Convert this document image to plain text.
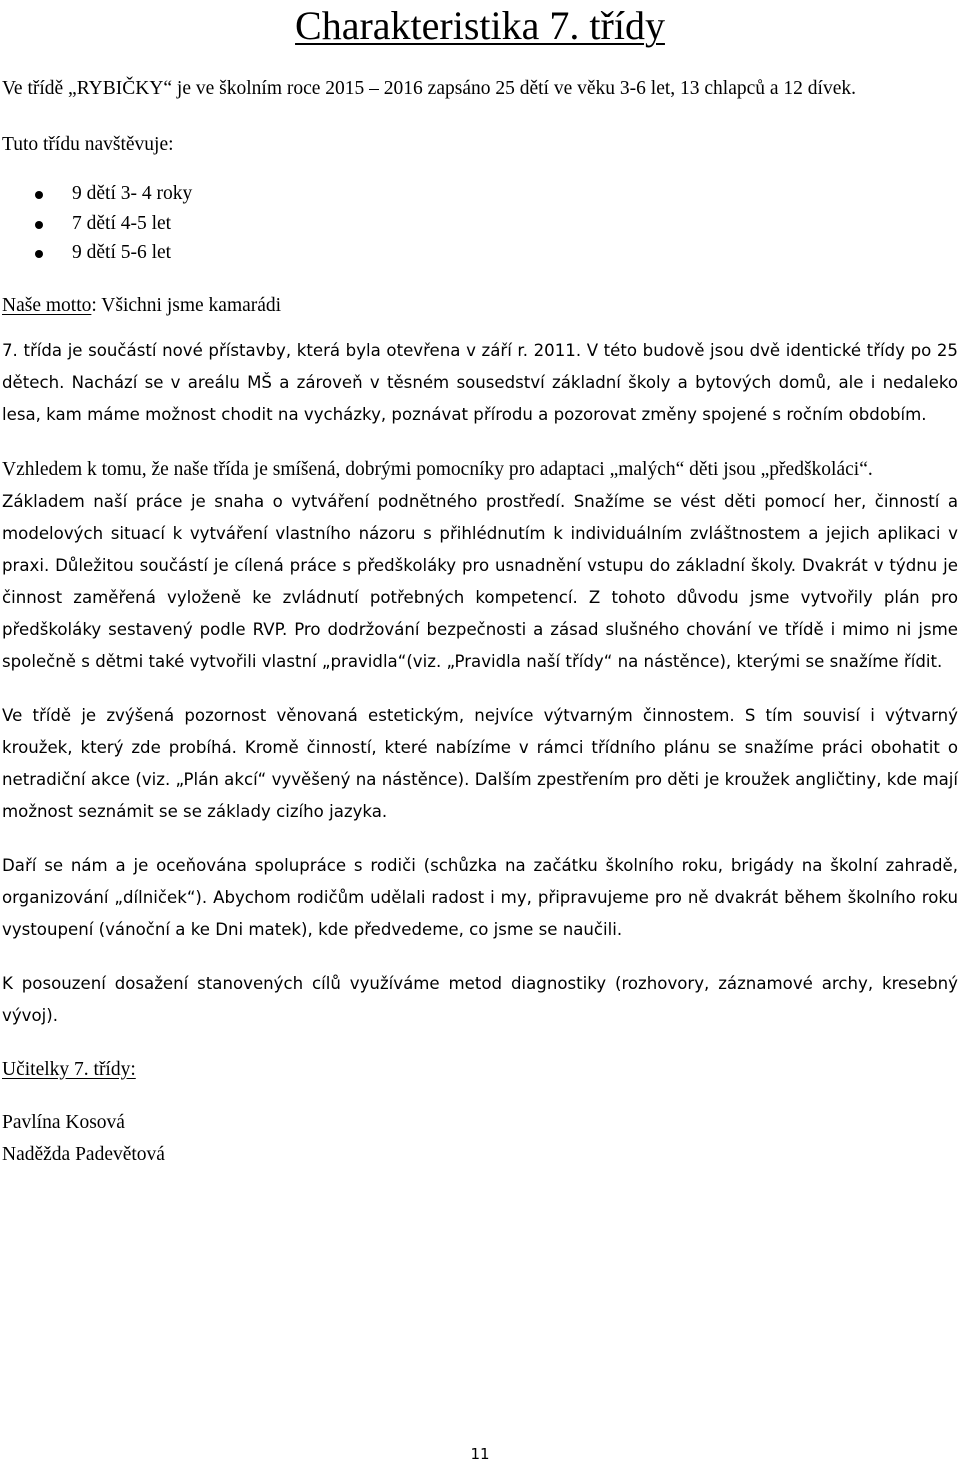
Charakteristika 7. třídy

Ve třídě „RYBIČKY“ je ve školním roce 2015 – 2016 zapsáno 25 dětí ve věku 3-6 let, 13 chlapců a 12 dívek.

Tuto třídu navštěvuje:

9 dětí 3- 4 roky
7 dětí 4-5 let
9 dětí 5-6 let

Naše motto: Všichni jsme kamarádi

7. třída je součástí nové přístavby, která byla otevřena v září r. 2011. V této budově jsou dvě identické třídy po 25 dětech. Nachází se v areálu MŠ a zároveň v těsném sousedství základní školy a bytových domů, ale i nedaleko lesa, kam máme možnost chodit na vycházky, poznávat přírodu a pozorovat změny spojené s ročním obdobím.

Vzhledem k tomu, že naše třída je smíšená, dobrými pomocníky pro adaptaci „malých“ děti jsou „předškoláci“.

Základem naší práce je snaha o vytváření podnětného prostředí. Snažíme se vést děti pomocí her, činností a modelových situací k vytváření vlastního názoru s přihlédnutím k individuálním zvláštnostem a jejich aplikaci v praxi. Důležitou součástí je cílená práce s předškoláky pro usnadnění vstupu do základní školy. Dvakrát v týdnu je činnost zaměřená vyloženě ke zvládnutí potřebných kompetencí. Z tohoto důvodu jsme vytvořily plán pro předškoláky sestavený podle RVP. Pro dodržování bezpečnosti a zásad slušného chování ve třídě i mimo ni jsme společně s dětmi také vytvořili vlastní „pravidla“(viz. „Pravidla naší třídy“ na nástěnce), kterými se snažíme řídit.

Ve třídě je zvýšená pozornost věnovaná estetickým, nejvíce výtvarným činnostem. S tím souvisí i výtvarný kroužek, který zde probíhá. Kromě činností, které nabízíme v rámci třídního plánu se snažíme práci obohatit o netradiční akce (viz. „Plán akcí“ vyvěšený na nástěnce). Dalším zpestřením pro děti je kroužek angličtiny, kde mají možnost seznámit se se základy cizího jazyka.

Daří se nám a je oceňována spolupráce s rodiči (schůzka na začátku školního roku, brigády na školní zahradě, organizování „dílniček“). Abychom rodičům udělali radost i my, připravujeme pro ně dvakrát během školního roku vystoupení (vánoční a ke Dni matek), kde předvedeme, co jsme se naučili.

K posouzení dosažení stanovených cílů využíváme metod diagnostiky (rozhovory, záznamové archy, kresebný vývoj).

Učitelky 7. třídy:

Pavlína Kosová

Naděžda Padevětová

11
